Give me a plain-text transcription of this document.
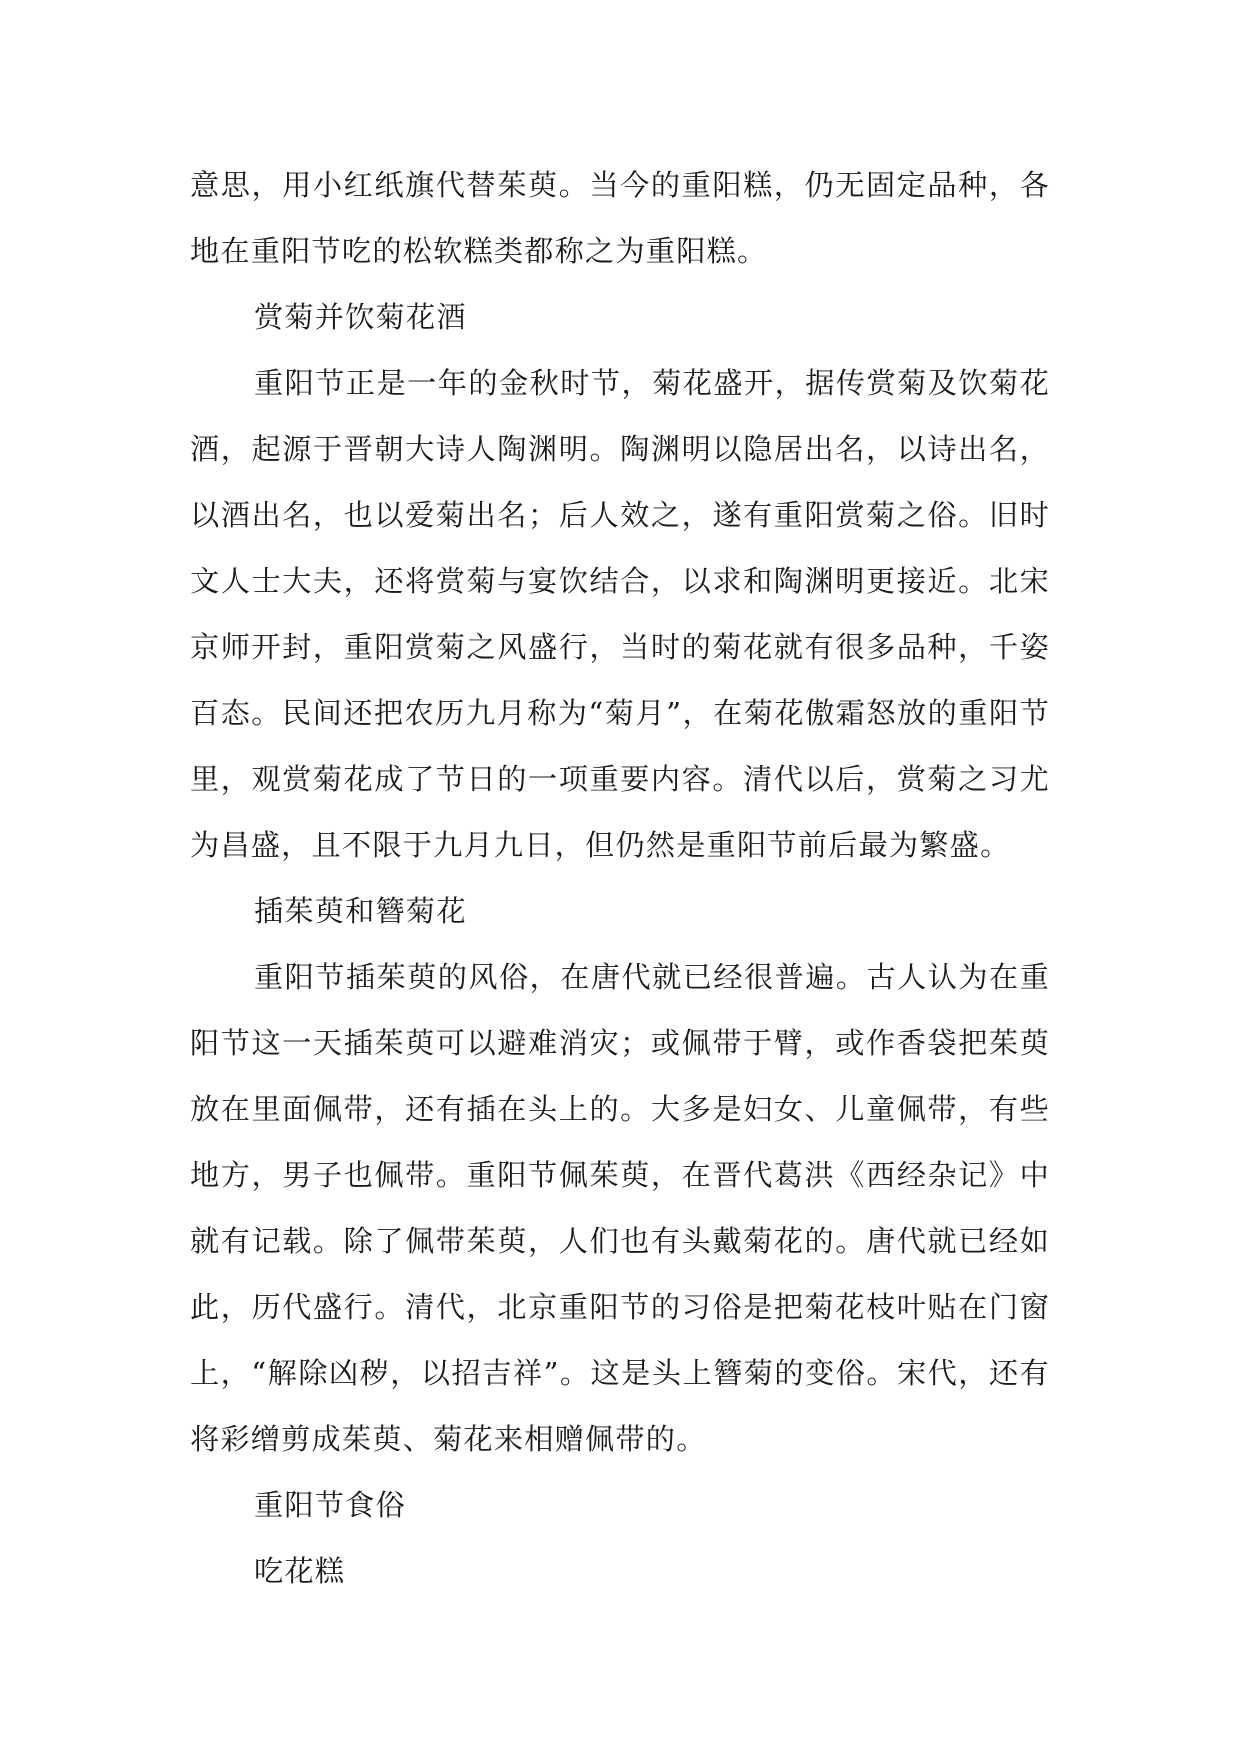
意思，用小红纸旗代替茱萸。当今的重阳糕，仍无固定品种，各地在重阳节吃的松软糕类都称之为重阳糕。

赏菊并饮菊花酒

重阳节正是一年的金秋时节，菊花盛开，据传赏菊及饮菊花酒，起源于晋朝大诗人陶渊明。陶渊明以隐居出名，以诗出名，以酒出名，也以爱菊出名；后人效之，遂有重阳赏菊之俗。旧时文人士大夫，还将赏菊与宴饮结合，以求和陶渊明更接近。北宋京师开封，重阳赏菊之风盛行，当时的菊花就有很多品种，千姿百态。民间还把农历九月称为“菊月”，在菊花傲霜怒放的重阳节里，观赏菊花成了节日的一项重要内容。清代以后，赏菊之习尤为昌盛，且不限于九月九日，但仍然是重阳节前后最为繁盛。

插茱萸和簪菊花

重阳节插茱萸的风俗，在唐代就已经很普遍。古人认为在重阳节这一天插茱萸可以避难消灾；或佩带于臂，或作香袋把茱萸放在里面佩带，还有插在头上的。大多是妇女、儿童佩带，有些地方，男子也佩带。重阳节佩茱萸，在晋代葛洪《西经杂记》中就有记载。除了佩带茱萸，人们也有头戴菊花的。唐代就已经如此，历代盛行。清代，北京重阳节的习俗是把菊花枝叶贴在门窗上，“解除凶秽，以招吉祥”。这是头上簪菊的变俗。宋代，还有将彩缯剪成茱萸、菊花来相赠佩带的。

重阳节食俗

吃花糕
